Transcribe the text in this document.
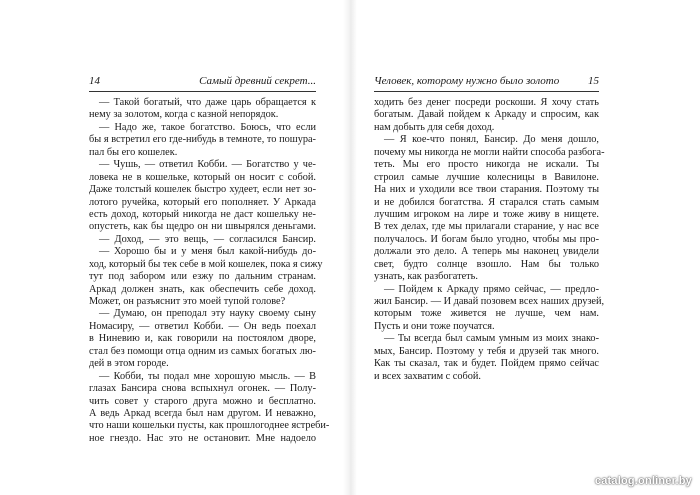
14	Самый древний секрет...
— Такой богатый, что даже царь обращается к
нему за золотом, когда с казной непорядок.
— Надо же, такое богатство. Боюсь, что если
бы я встретил его где-нибудь в темноте, то пошура-
пал бы его кошелек.
— Чушь, — ответил Кобби. — Богатство у че-
ловека не в кошельке, который он носит с собой.
Даже толстый кошелек быстро худеет, если нет зо-
лотого ручейка, который его пополняет. У Аркада
есть доход, который никогда не даст кошельку не-
опустеть, как бы щедро он ни швырялся деньгами.
— Доход, — это вещь, — согласился Бансир.
— Хорошо бы и у меня был какой-нибудь до-
ход, который бы тек себе в мой кошелек, пока я сижу
тут под забором или езжу по дальним странам.
Аркад должен знать, как обеспечить себе доход.
Может, он разъяснит это моей тупой голове?
— Думаю, он преподал эту науку своему сыну
Номасиру, — ответил Кобби. — Он ведь поехал
в Ниневию и, как говорили на постоялом дворе,
стал без помощи отца одним из самых богатых лю-
дей в этом городе.
— Кобби, ты подал мне хорошую мысль. — В
глазах Бансира снова вспыхнул огонек. — Полу-
чить совет у старого друга можно и бесплатно.
А ведь Аркад всегда был нам другом. И неважно,
что наши кошельки пусты, как прошлогоднее ястреби-
ное гнездо. Нас это не остановит. Мне надоело
Человек, которому нужно было золото	15
ходить без денег посреди роскоши. Я хочу стать
богатым. Давай пойдем к Аркаду и спросим, как
нам добыть для себя доход.
— Я кое-что понял, Бансир. До меня дошло,
почему мы никогда не могли найти способа разбога-
теть. Мы его просто никогда не искали. Ты
строил самые лучшие колесницы в Вавилоне.
На них и уходили все твои старания. Поэтому ты
и не добился богатства. Я старался стать самым
лучшим игроком на лире и тоже живу в нищете.
В тех делах, где мы прилагали старание, у нас все
получалось. И богам было угодно, чтобы мы про-
должали это дело. А теперь мы наконец увидели
свет, будто солнце взошло. Нам бы только
узнать, как разбогатеть.
— Пойдем к Аркаду прямо сейчас, — предло-
жил Бансир. — И давай позовем всех наших друзей,
которым тоже живется не лучше, чем нам.
Пусть и они тоже поучатся.
— Ты всегда был самым умным из моих знако-
мых, Бансир. Поэтому у тебя и друзей так много.
Как ты сказал, так и будет. Пойдем прямо сейчас
и всех захватим с собой.
catalog.onliner.by
